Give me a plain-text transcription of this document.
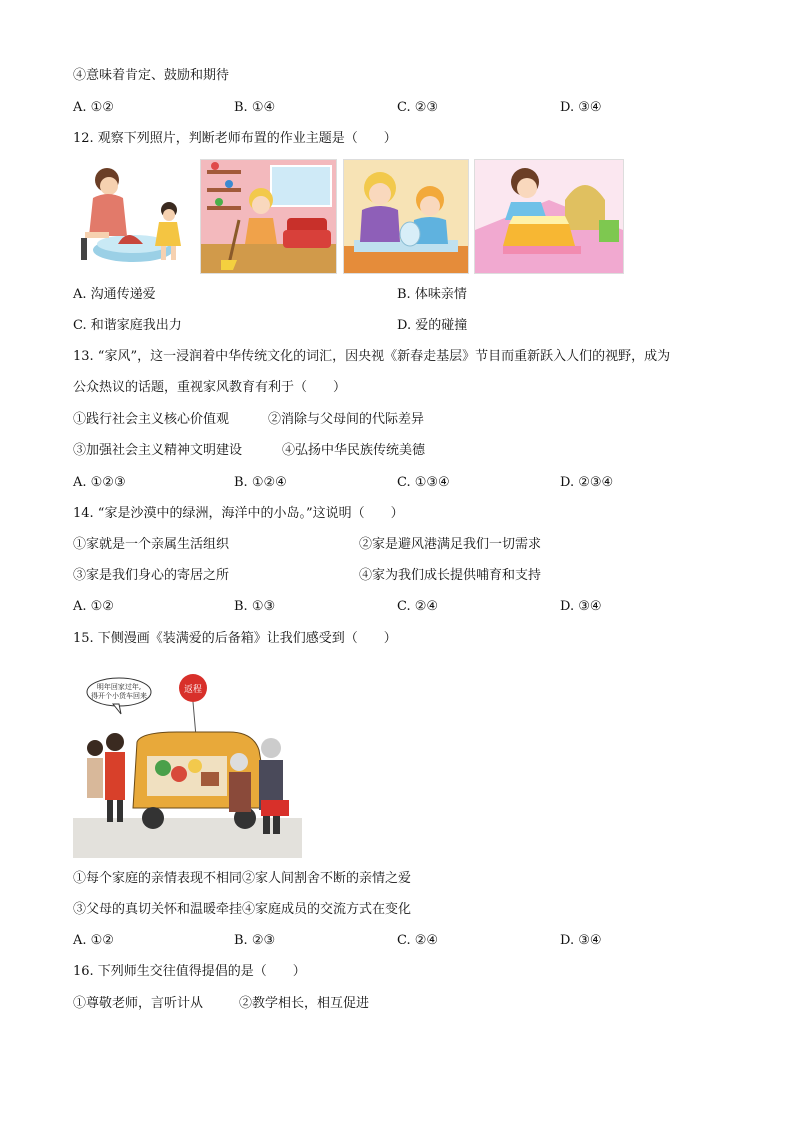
④意味着肯定、鼓励和期待
A. ①②	B. ①④	C. ②③	D. ③④
12. 观察下列照片，判断老师布置的作业主题是（　　）
A. 沟通传递爱	B. 体味亲情
C. 和谐家庭我出力	D. 爱的碰撞
13. “家风”，这一浸润着中华传统文化的词汇，因央视《新春走基层》节目而重新跃入人们的视野，成为
公众热议的话题，重视家风教育有利于（　　）
①践行社会主义核心价值观	②消除与父母间的代际差异
③加强社会主义精神文明建设	④弘扬中华民族传统美德
A. ①②③	B. ①②④	C. ①③④	D. ②③④
14. “家是沙漠中的绿洲，海洋中的小岛。”这说明（　　）
①家就是一个亲属生活组织	②家是避风港满足我们一切需求
③家是我们身心的寄居之所	④家为我们成长提供哺育和支持
A. ①②	B. ①③	C. ②④	D. ③④
15. 下侧漫画《装满爱的后备箱》让我们感受到（　　）
明年回家过年,
得开个小货车回来
返程
①每个家庭的亲情表现不相同②家人间割舍不断的亲情之爱
③父母的真切关怀和温暖牵挂④家庭成员的交流方式在变化
A. ①②	B. ②③	C. ②④	D. ③④
16. 下列师生交往值得提倡的是（　　）
①尊敬老师，言听计从	②教学相长，相互促进
